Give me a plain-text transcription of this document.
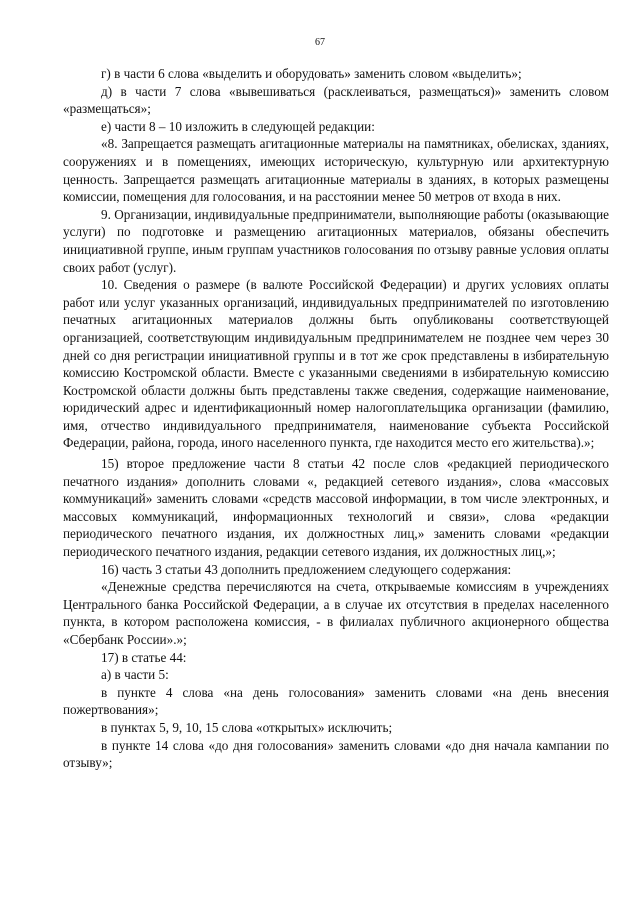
67

г) в части 6 слова «выделить и оборудовать» заменить словом «выделить»;

д) в части 7 слова «вывешиваться (расклеиваться, размещаться)» заменить словом «размещаться»;

е) части 8 – 10 изложить в следующей редакции:

«8. Запрещается размещать агитационные материалы на памятниках, обелисках, зданиях, сооружениях и в помещениях, имеющих историческую, культурную или архитектурную ценность. Запрещается размещать агитационные материалы в зданиях, в которых размещены комиссии, помещения для голосования, и на расстоянии менее 50 метров от входа в них.

9. Организации, индивидуальные предприниматели, выполняющие работы (оказывающие услуги) по подготовке и размещению агитационных материалов, обязаны обеспечить инициативной группе, иным группам участников голосования по отзыву равные условия оплаты своих работ (услуг).

10. Сведения о размере (в валюте Российской Федерации) и других условиях оплаты работ или услуг указанных организаций, индивидуальных предпринимателей по изготовлению печатных агитационных материалов должны быть опубликованы соответствующей организацией, соответствующим индивидуальным предпринимателем не позднее чем через 30 дней со дня регистрации инициативной группы и в тот же срок представлены в избирательную комиссию Костромской области. Вместе с указанными сведениями в избирательную комиссию Костромской области должны быть представлены также сведения, содержащие наименование, юридический адрес и идентификационный номер налогоплательщика организации (фамилию, имя, отчество индивидуального предпринимателя, наименование субъекта Российской Федерации, района, города, иного населенного пункта, где находится место его жительства).»;

15) второе предложение части 8 статьи 42 после слов «редакцией периодического печатного издания» дополнить словами «, редакцией сетевого издания», слова «массовых коммуникаций» заменить словами «средств массовой информации, в том числе электронных, и массовых коммуникаций, информационных технологий и связи», слова «редакции периодического печатного издания, их должностных лиц,» заменить словами «редакции периодического печатного издания, редакции сетевого издания, их должностных лиц,»;

16) часть 3 статьи 43 дополнить предложением следующего содержания:

«Денежные средства перечисляются на счета, открываемые комиссиям в учреждениях Центрального банка Российской Федерации, а в случае их отсутствия в пределах населенного пункта, в котором расположена комиссия, - в филиалах публичного акционерного общества «Сбербанк России».»;

17) в статье 44:

а) в части 5:

в пункте 4 слова «на день голосования» заменить словами «на день внесения пожертвования»;

в пунктах 5, 9, 10, 15 слова «открытых» исключить;

в пункте 14 слова «до дня голосования» заменить словами «до дня начала кампании по отзыву»;
